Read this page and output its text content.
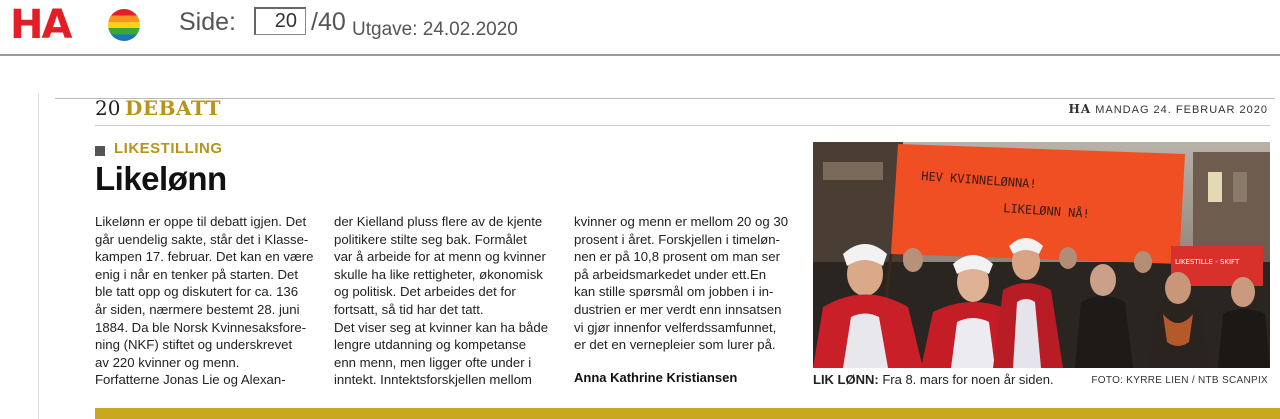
HA	Side:
20	/40 Utgave: 24.02.2020
20 DEBATT	HA MANDAG 24. FEBRUAR 2020
LIKESTILLING
Likelønn
Likelønn er oppe til debatt igjen. Det
går uendelig sakte, står det i Klasse-
kampen 17. februar. Det kan en være
enig i når en tenker på starten. Det
ble tatt opp og diskutert for ca. 136
år siden, nærmere bestemt 28. juni
1884. Da ble Norsk Kvinnesaksfore-
ning (NKF) stiftet og underskrevet
av 220 kvinner og menn.
Forfatterne Jonas Lie og Alexan-
der Kielland pluss flere av de kjente
politikere stilte seg bak. Formålet
var å arbeide for at menn og kvinner
skulle ha like rettigheter, økonomisk
og politisk. Det arbeides det for
fortsatt, så tid har det tatt.
Det viser seg at kvinner kan ha både
lengre utdanning og kompetanse
enn menn, men ligger ofte under i
inntekt. Inntektsforskjellen mellom
kvinner og menn er mellom 20 og 30
prosent i året. Forskjellen i timeløn-
nen er på 10,8 prosent om man ser
på arbeidsmarkedet under ett.En
kan stille spørsmål om jobben i in-
dustrien er mer verdt enn innsatsen
vi gjør innenfor velferdssamfunnet,
er det en vernepleier som lurer på.
Anna Kathrine Kristiansen
HEV KVINNELØNNA!
LIKELØNN NÅ!
LIKESTILLE - SKIFT
LIK LØNN: Fra 8. mars for noen år siden.	FOTO: KYRRE LIEN / NTB SCANPIX
